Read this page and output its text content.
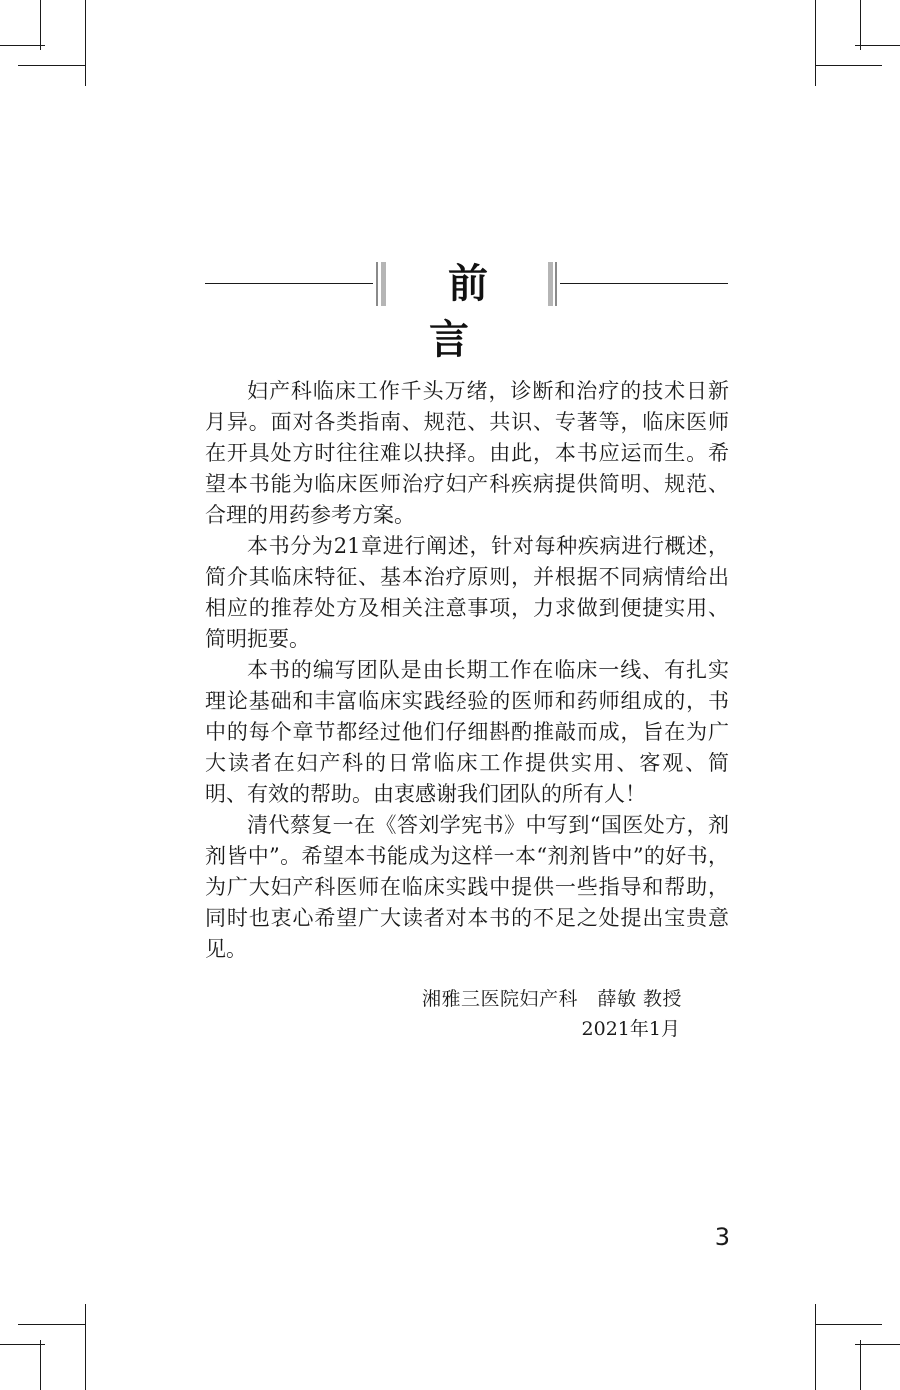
前言

妇产科临床工作千头万绪，诊断和治疗的技术日新月异。面对各类指南、规范、共识、专著等，临床医师在开具处方时往往难以抉择。由此，本书应运而生。希望本书能为临床医师治疗妇产科疾病提供简明、规范、合理的用药参考方案。

本书分为21章进行阐述，针对每种疾病进行概述，简介其临床特征、基本治疗原则，并根据不同病情给出相应的推荐处方及相关注意事项，力求做到便捷实用、简明扼要。

本书的编写团队是由长期工作在临床一线、有扎实理论基础和丰富临床实践经验的医师和药师组成的，书中的每个章节都经过他们仔细斟酌推敲而成，旨在为广大读者在妇产科的日常临床工作提供实用、客观、简明、有效的帮助。由衷感谢我们团队的所有人！

清代蔡复一在《答刘学宪书》中写到“国医处方，剂剂皆中”。希望本书能成为这样一本“剂剂皆中”的好书，为广大妇产科医师在临床实践中提供一些指导和帮助，同时也衷心希望广大读者对本书的不足之处提出宝贵意见。

湘雅三医院妇产科　薛敏 教授
2021年1月
3
